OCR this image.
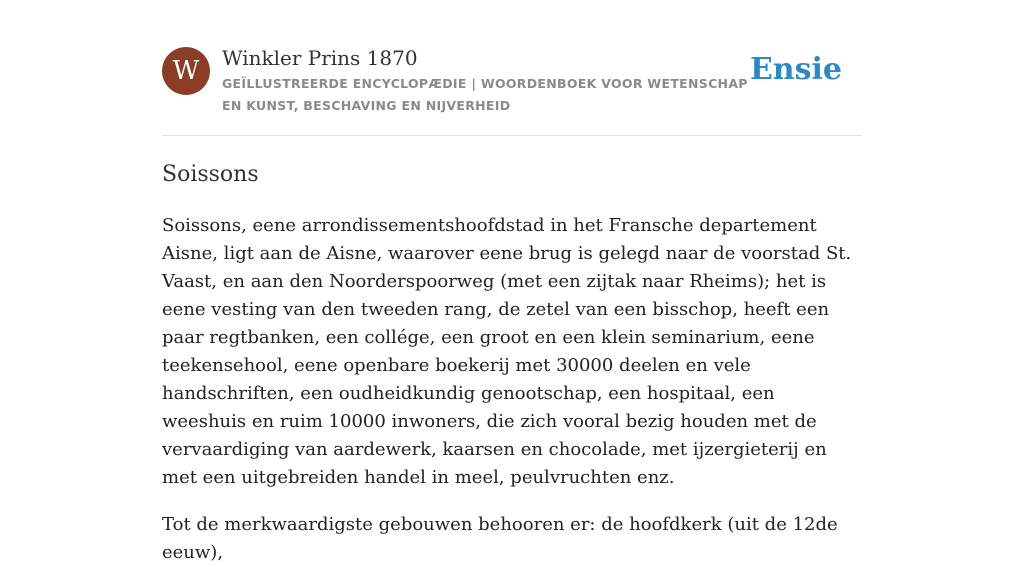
W	Winkler Prins 1870

GEÏLLUSTREERDE ENCYCLOPÆDIE | WOORDENBOEK VOOR WETENSCHAP EN KUNST, BESCHAVING EN NIJVERHEID

Ensie
Soissons

Soissons, eene arrondissementshoofdstad in het Fransche departement Aisne, ligt aan de Aisne, waarover eene brug is gelegd naar de voorstad St. Vaast, en aan den Noorderspoorweg (met een zijtak naar Rheims); het is eene vesting van den tweeden rang, de zetel van een bisschop, heeft een paar regtbanken, een collége, een groot en een klein seminarium, eene teekensehool, eene openbare boekerij met 30000 deelen en vele handschriften, een oudheidkundig genootschap, een hospitaal, een weeshuis en ruim 10000 inwoners, die zich vooral bezig houden met de vervaardiging van aardewerk, kaarsen en chocolade, met ijzergieterij en met een uitgebreiden handel in meel, peulvruchten enz.

Tot de merkwaardigste gebouwen behooren er: de hoofdkerk (uit de 12de eeuw),
